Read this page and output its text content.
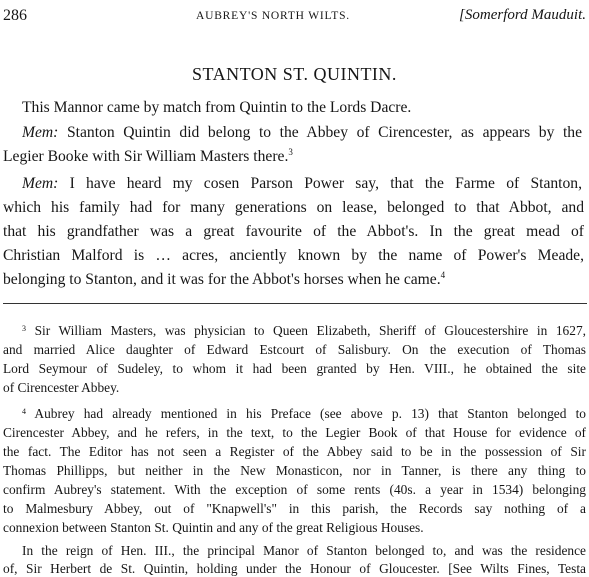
286	AUBREY'S NORTH WILTS.	[Somerford Mauduit.
STANTON ST. QUINTIN.
This Mannor came by match from Quintin to the Lords Dacre.
Mem: Stanton Quintin did belong to the Abbey of Cirencester, as appears by the
Legier Booke with Sir William Masters there.$^3$
Mem: I have heard my cosen Parson Power say, that the Farme of Stanton,
which his family had for many generations on lease, belonged to that Abbot, and
that his grandfather was a great favourite of the Abbot's. In the great mead of
Christian Malford is … acres, anciently known by the name of Power's Meade,
belonging to Stanton, and it was for the Abbot's horses when he came.$^4$
$^3$ Sir William Masters, was physician to Queen Elizabeth, Sheriff of Gloucestershire in 1627,
and married Alice daughter of Edward Estcourt of Salisbury. On the execution of Thomas
Lord Seymour of Sudeley, to whom it had been granted by Hen. VIII., he obtained the site
of Cirencester Abbey.
$^4$ Aubrey had already mentioned in his Preface (see above p. 13) that Stanton belonged to
Cirencester Abbey, and he refers, in the text, to the Legier Book of that House for evidence of
the fact. The Editor has not seen a Register of the Abbey said to be in the possession of Sir
Thomas Phillipps, but neither in the New Monasticon, nor in Tanner, is there any thing to
confirm Aubrey's statement. With the exception of some rents (40s. a year in 1534) belonging
to Malmesbury Abbey, out of "Knapwell's" in this parish, the Records say nothing of a
connexion between Stanton St. Quintin and any of the great Religious Houses.
In the reign of Hen. III., the principal Manor of Stanton belonged to, and was the residence
of, Sir Herbert de St. Quintin, holding under the Honour of Gloucester. [See Wilts Fines, Testa
